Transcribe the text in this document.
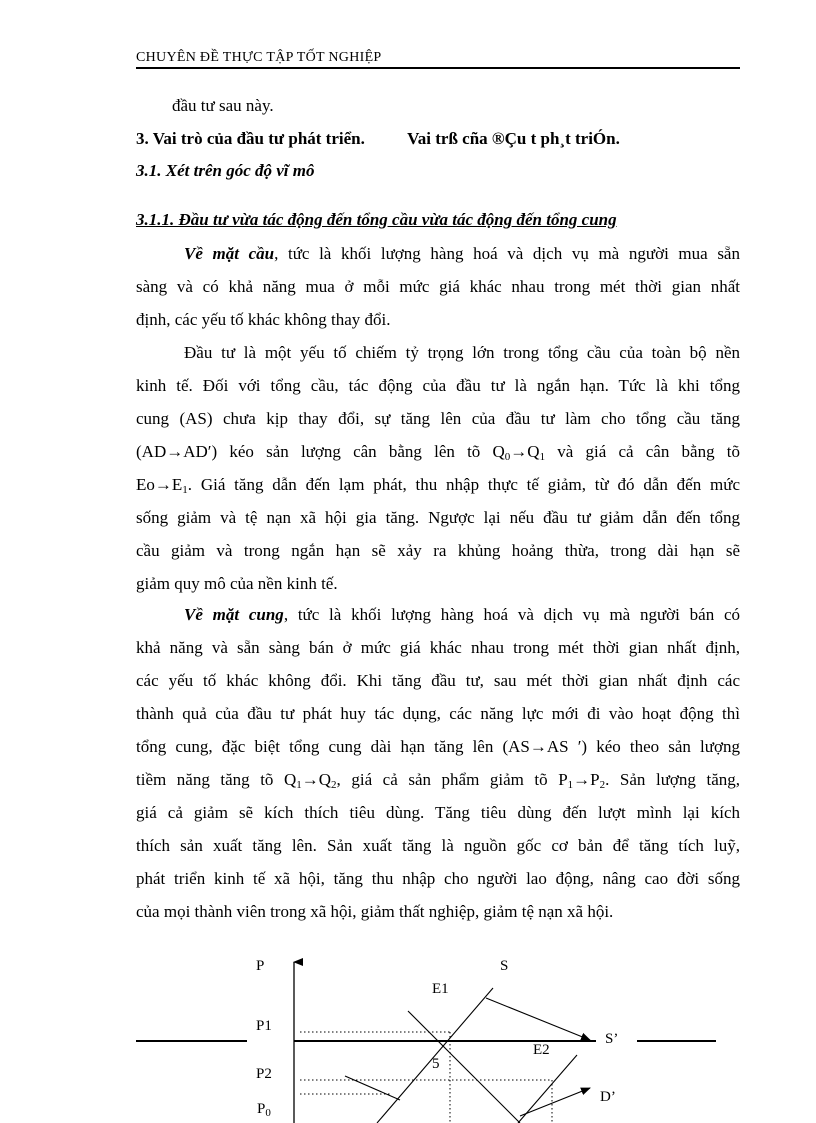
CHUYÊN ĐỀ THỰC TẬP TỐT NGHIỆP
đầu tư sau này.
3. Vai trò của đầu tư phát triển. Vai trß cña ®Çu t ph¸t triÓn.
3.1. Xét trên góc độ vĩ mô
3.1.1. Đầu tư vừa tác động đến tổng cầu vừa tác động đến tổng cung
Về mặt cầu, tức là khối lượng hàng hoá và dịch vụ mà người mua sẵn
sàng và có khả năng mua ở mỗi mức giá khác nhau trong mét thời gian nhất
định, các yếu tố khác không thay đổi.
Đầu tư là một yếu tố chiếm tỷ trọng lớn trong tổng cầu của toàn bộ nền
kinh tế. Đối với tổng cầu, tác động của đầu tư là ngắn hạn. Tức là khi tổng
cung (AS) chưa kịp thay đổi, sự tăng lên của đầu tư làm cho tổng cầu tăng
(AD→AD′) kéo sản lượng cân bằng lên tõ $Q_0\to Q_1$ và giá cả cân bằng tõ
$Eo\to E_1$. Giá tăng dẫn đến lạm phát, thu nhập thực tế giảm, từ đó dẫn đến mức
sống giảm và tệ nạn xã hội gia tăng. Ngược lại nếu đầu tư giảm dẫn đến tổng
cầu giảm và trong ngắn hạn sẽ xảy ra khủng hoảng thừa, trong dài hạn sẽ
giảm quy mô của nền kinh tế.
Về mặt cung, tức là khối lượng hàng hoá và dịch vụ mà người bán có
khả năng và sẵn sàng bán ở mức giá khác nhau trong mét thời gian nhất định,
các yếu tố khác không đổi. Khi tăng đầu tư, sau mét thời gian nhất định các
thành quả của đầu tư phát huy tác dụng, các năng lực mới đi vào hoạt động thì
tổng cung, đặc biệt tổng cung dài hạn tăng lên (AS→AS ′) kéo theo sản lượng
tiềm năng tăng tõ $Q_1\to Q_2$, giá cả sản phẩm giảm tõ $P_1\to P_2$. Sản lượng tăng,
giá cả giảm sẽ kích thích tiêu dùng. Tăng tiêu dùng đến lượt mình lại kích
thích sản xuất tăng lên. Sản xuất tăng là nguồn gốc cơ bản để tăng tích luỹ,
phát triển kinh tế xã hội, tăng thu nhập cho người lao động, nâng cao đời sống
của mọi thành viên trong xã hội, giảm thất nghiệp, giảm tệ nạn xã hội.
P	S
E1
P1
S’
5
E2
P2
D’
$P_0$
